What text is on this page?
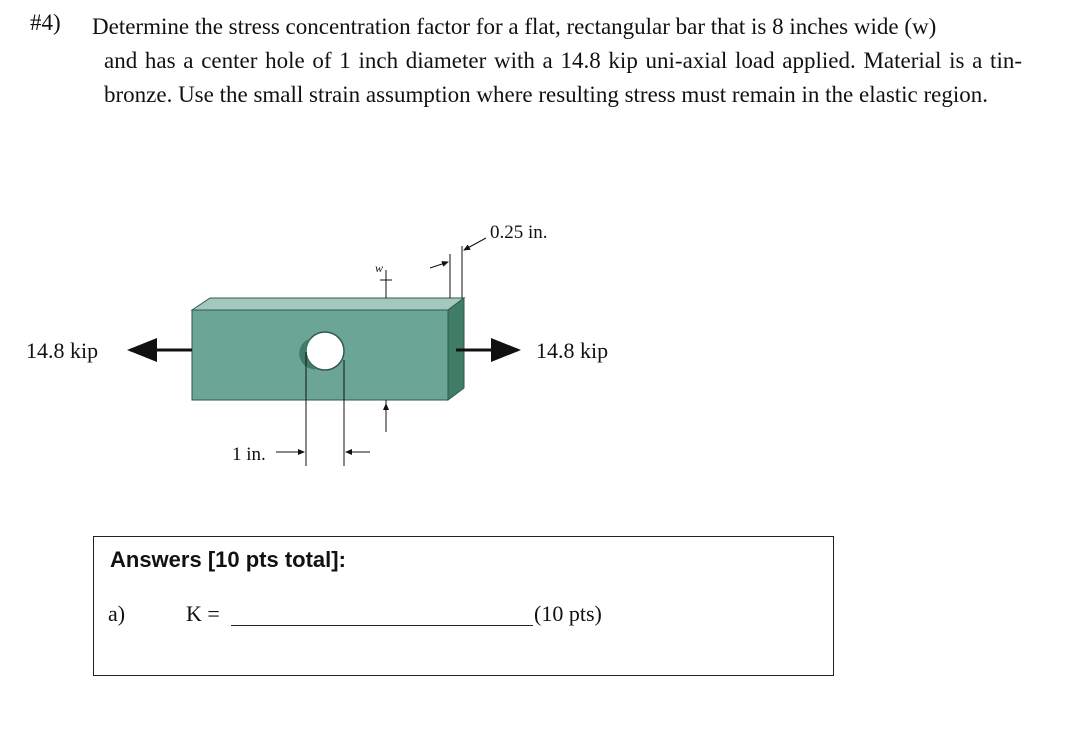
#4) Determine the stress concentration factor for a flat, rectangular bar that is 8 inches wide (w)
and has a center hole of 1 inch diameter with a 14.8 kip uni-axial load applied. Material is a tin-bronze. Use the small strain assumption where resulting stress must remain in the elastic region.
14.8 kip	14.8 kip
w
0.25 in.
1 in.
Answers [10 pts total]:
a)	K =	(10 pts)
